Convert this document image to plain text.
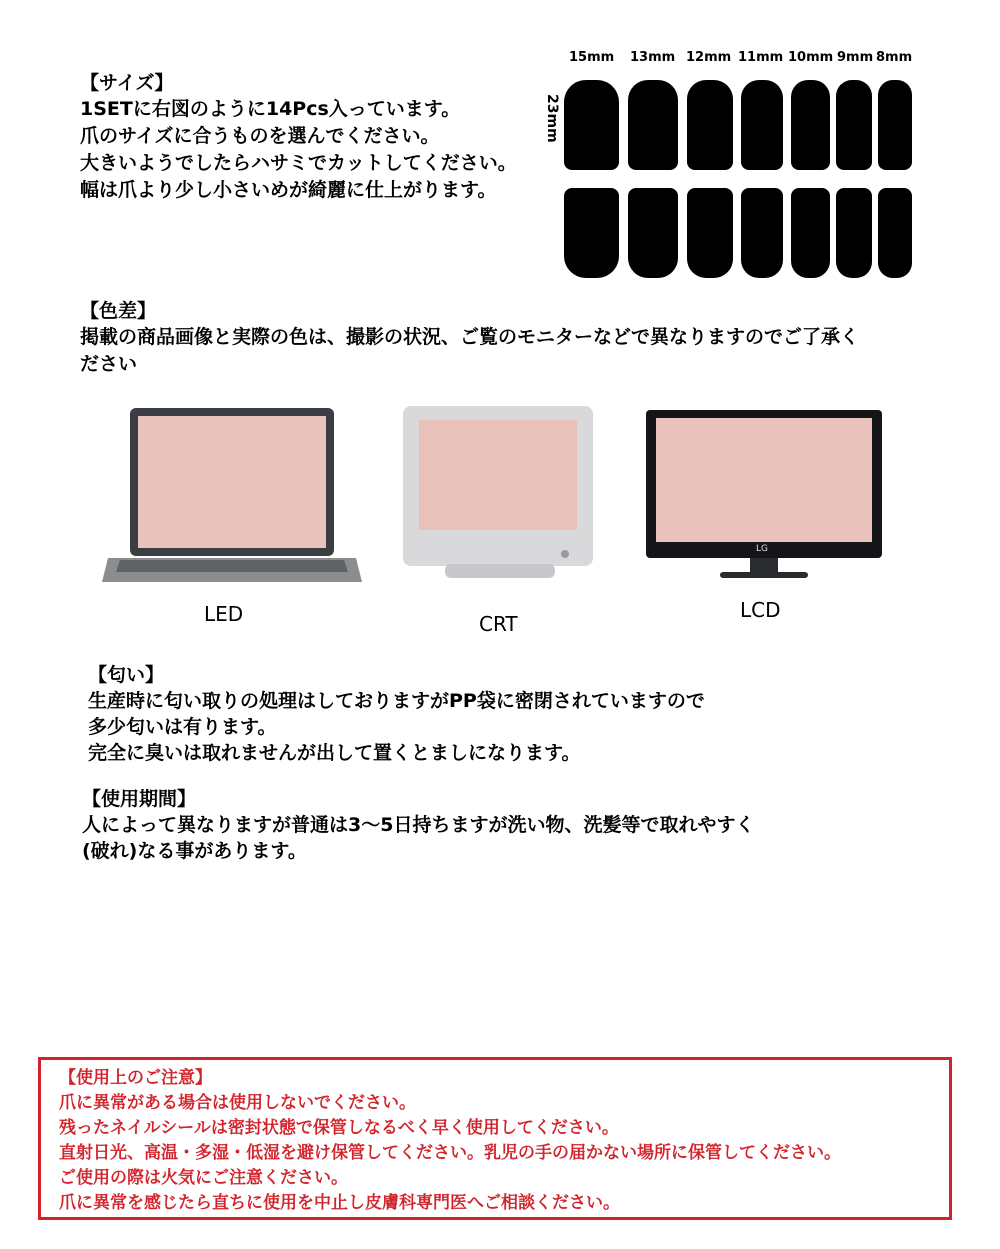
【サイズ】
1SETに右図のように14Pcs入っています。
爪のサイズに合うものを選んでください。
大きいようでしたらハサミでカットしてください。
幅は爪より少し小さいめが綺麗に仕上がります。
15mm 13mm 12mm 11mm 10mm 9mm 8mm
23mm
【色差】
掲載の商品画像と実際の色は、撮影の状況、ご覧のモニターなどで異なりますのでご了承く
ださい
LED	CRT
LCD
LG
【匂い】
生産時に匂い取りの処理はしておりますがPP袋に密閉されていますので
多少匂いは有ります。
完全に臭いは取れませんが出して置くとましになります。
【使用期間】
人によって異なりますが普通は3～5日持ちますが洗い物、洗髪等で取れやすく
(破れ)なる事があります。
【使用上のご注意】
爪に異常がある場合は使用しないでください。
残ったネイルシールは密封状態で保管しなるべく早く使用してください。
直射日光、高温・多湿・低湿を避け保管してください。乳児の手の届かない場所に保管してください。
ご使用の際は火気にご注意ください。
爪に異常を感じたら直ちに使用を中止し皮膚科専門医へご相談ください。
